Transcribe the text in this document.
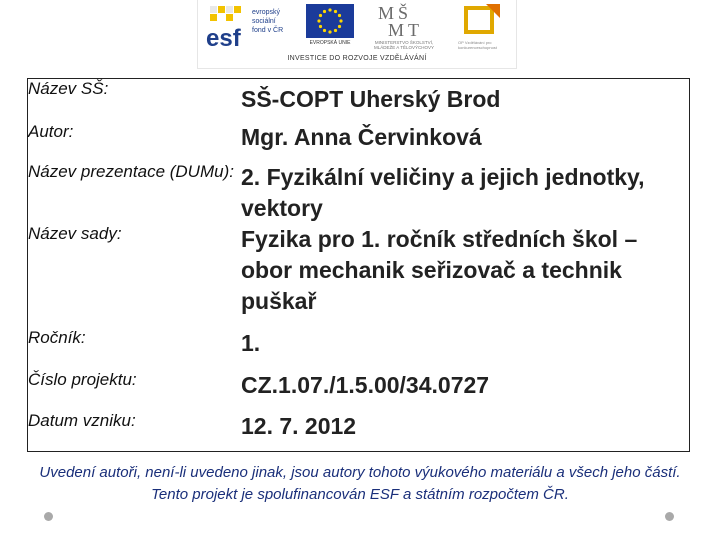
esf
evropský
sociální
fond v ČR
EVROPSKÁ UNIE
M Š
M T
MINISTERSTVO ŠKOLSTVÍ, MLÁDEŽE A TĚLOVÝCHOVY
OP Vzdělávání pro konkurenceschopnost
INVESTICE DO ROZVOJE VZDĚLÁVÁNÍ
Název SŠ:	SŠ-COPT Uherský Brod
Autor:	Mgr. Anna Červinková
Název prezentace (DUMu):	2. Fyzikální veličiny a jejich jednotky, vektory
Název sady:	Fyzika pro 1. ročník středních škol – obor mechanik seřizovač a technik puškař
Ročník:	1.
Číslo projektu:	CZ.1.07./1.5.00/34.0727
Datum vzniku:	12. 7. 2012
Uvedení autoři, není-li uvedeno jinak, jsou autory tohoto výukového materiálu a všech jeho částí. Tento projekt je spolufinancován ESF a státním rozpočtem ČR.
